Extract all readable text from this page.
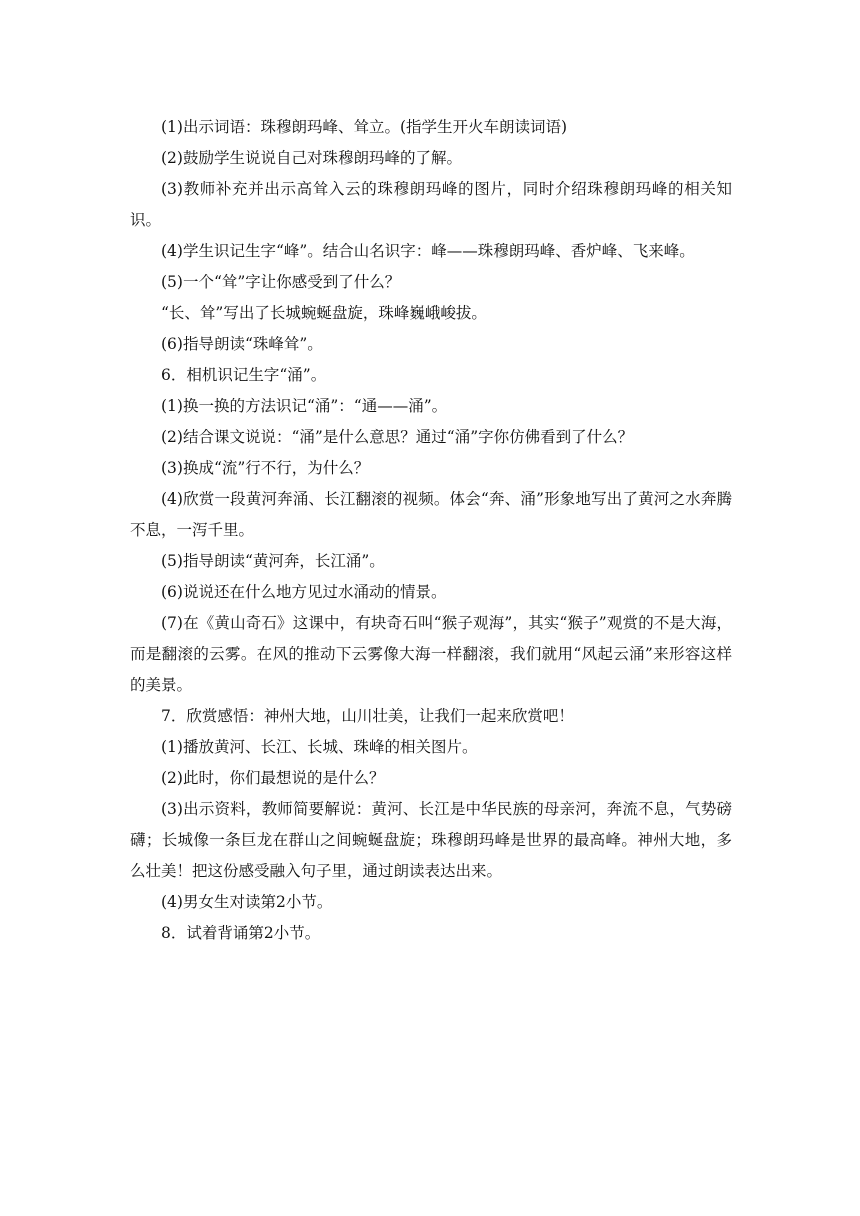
(1)出示词语：珠穆朗玛峰、耸立。(指学生开火车朗读词语)

(2)鼓励学生说说自己对珠穆朗玛峰的了解。

(3)教师补充并出示高耸入云的珠穆朗玛峰的图片，同时介绍珠穆朗玛峰的相关知识。

(4)学生识记生字“峰”。结合山名识字：峰——珠穆朗玛峰、香炉峰、飞来峰。

(5)一个“耸”字让你感受到了什么？

“长、耸”写出了长城蜿蜒盘旋，珠峰巍峨峻拔。

(6)指导朗读“珠峰耸”。

6．相机识记生字“涌”。

(1)换一换的方法识记“涌”：“通——涌”。

(2)结合课文说说：“涌”是什么意思？通过“涌”字你仿佛看到了什么？

(3)换成“流”行不行，为什么？

(4)欣赏一段黄河奔涌、长江翻滚的视频。体会“奔、涌”形象地写出了黄河之水奔腾不息，一泻千里。

(5)指导朗读“黄河奔，长江涌”。

(6)说说还在什么地方见过水涌动的情景。

(7)在《黄山奇石》这课中，有块奇石叫“猴子观海”，其实“猴子”观赏的不是大海，而是翻滚的云雾。在风的推动下云雾像大海一样翻滚，我们就用“风起云涌”来形容这样的美景。

7．欣赏感悟：神州大地，山川壮美，让我们一起来欣赏吧！

(1)播放黄河、长江、长城、珠峰的相关图片。

(2)此时，你们最想说的是什么？

(3)出示资料，教师简要解说：黄河、长江是中华民族的母亲河，奔流不息，气势磅礴；长城像一条巨龙在群山之间蜿蜒盘旋；珠穆朗玛峰是世界的最高峰。神州大地，多么壮美！把这份感受融入句子里，通过朗读表达出来。

(4)男女生对读第2小节。

8．试着背诵第2小节。
